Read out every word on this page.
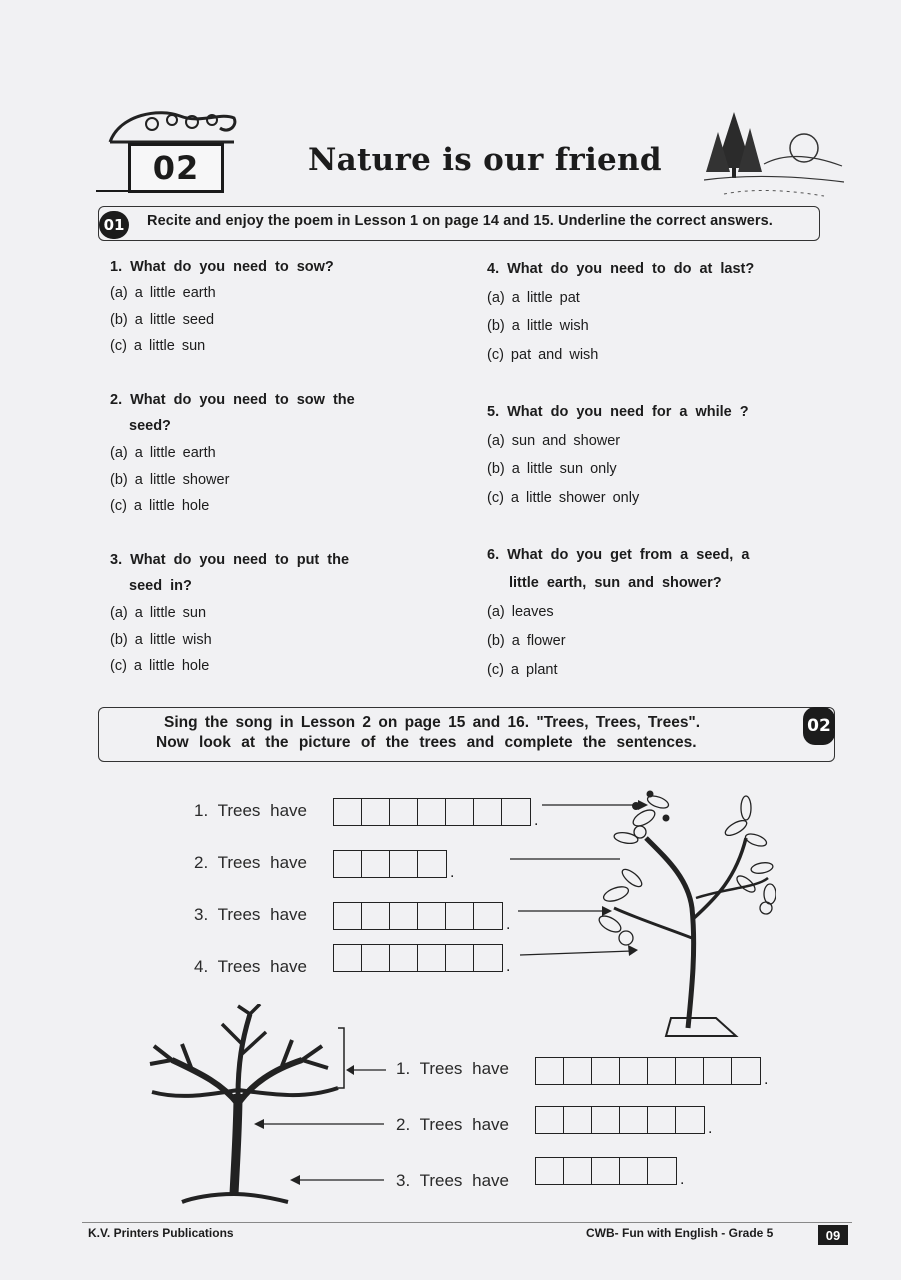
02	Nature is our friend
01	Recite and enjoy the poem in Lesson 1 on page 14 and 15. Underline the correct answers.
1. What do you need to sow?
(a) a little earth
(b) a little seed
(c) a little sun
2. What do you need to sow the
seed?
(a) a little earth
(b) a little shower
(c) a little hole
3. What do you need to put the
seed in?
(a) a little sun
(b) a little wish
(c) a little hole
4. What do you need to do at last?
(a) a little pat
(b) a little wish
(c) pat and wish
5. What do you need for a while ?
(a) sun and shower
(b) a little sun only
(c) a little shower only
6. What do you get from a seed, a
little earth, sun and shower?
(a) leaves
(b) a flower
(c) a plant
02
Sing the song in Lesson 2 on page 15 and 16. "Trees, Trees, Trees".
Now look at the picture of the trees and complete the sentences.
1. Trees have
.
2. Trees have
.
3. Trees have
.
4. Trees have	.
1. Trees have
.
2. Trees have	.
3. Trees have	.
K.V. Printers Publications	CWB- Fun with English - Grade 5	09
